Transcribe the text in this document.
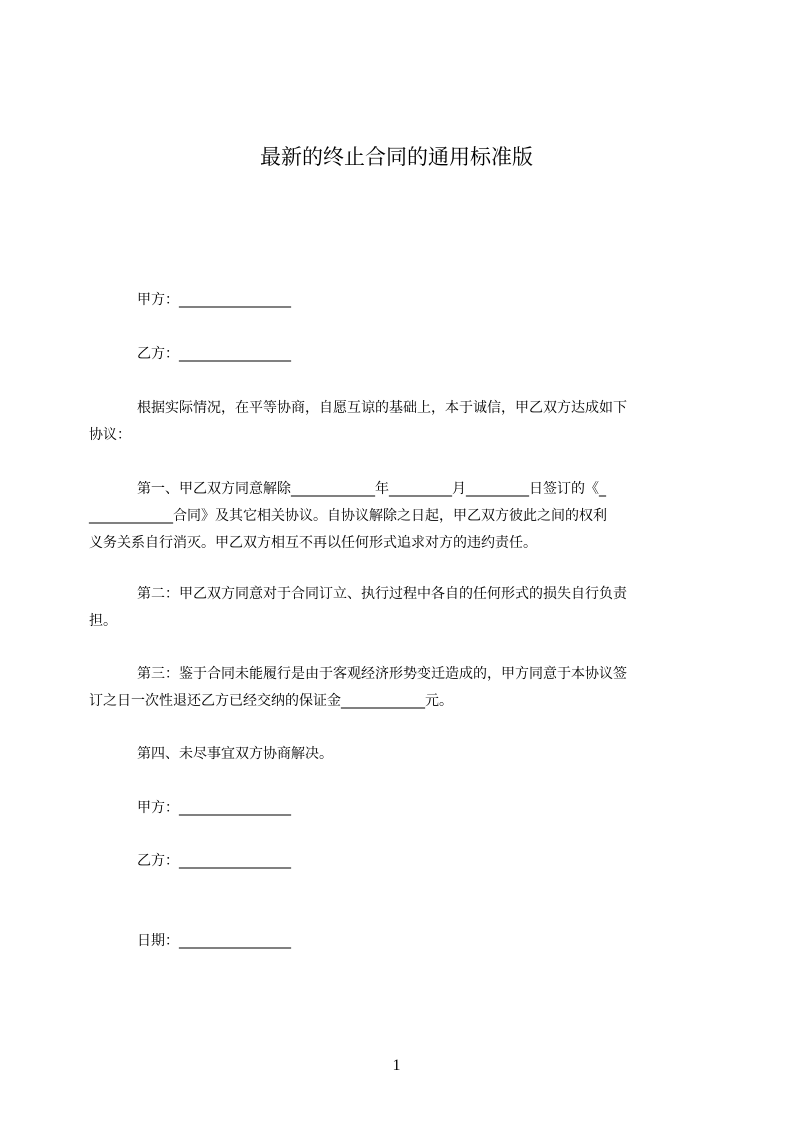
最新的终止合同的通用标准版

甲方：________________

乙方：________________

根据实际情况，在平等协商，自愿互谅的基础上，本于诚信，甲乙双方达成如下

协议：

第一、甲乙双方同意解除____________年_________月_________日签订的《_

____________合同》及其它相关协议。自协议解除之日起，甲乙双方彼此之间的权利

义务关系自行消灭。甲乙双方相互不再以任何形式追求对方的违约责任。

第二：甲乙双方同意对于合同订立、执行过程中各自的任何形式的损失自行负责

担。

第三：鉴于合同未能履行是由于客观经济形势变迁造成的，甲方同意于本协议签

订之日一次性退还乙方已经交纳的保证金____________元。

第四、未尽事宜双方协商解决。

甲方：________________

乙方：________________

日期：________________

1
